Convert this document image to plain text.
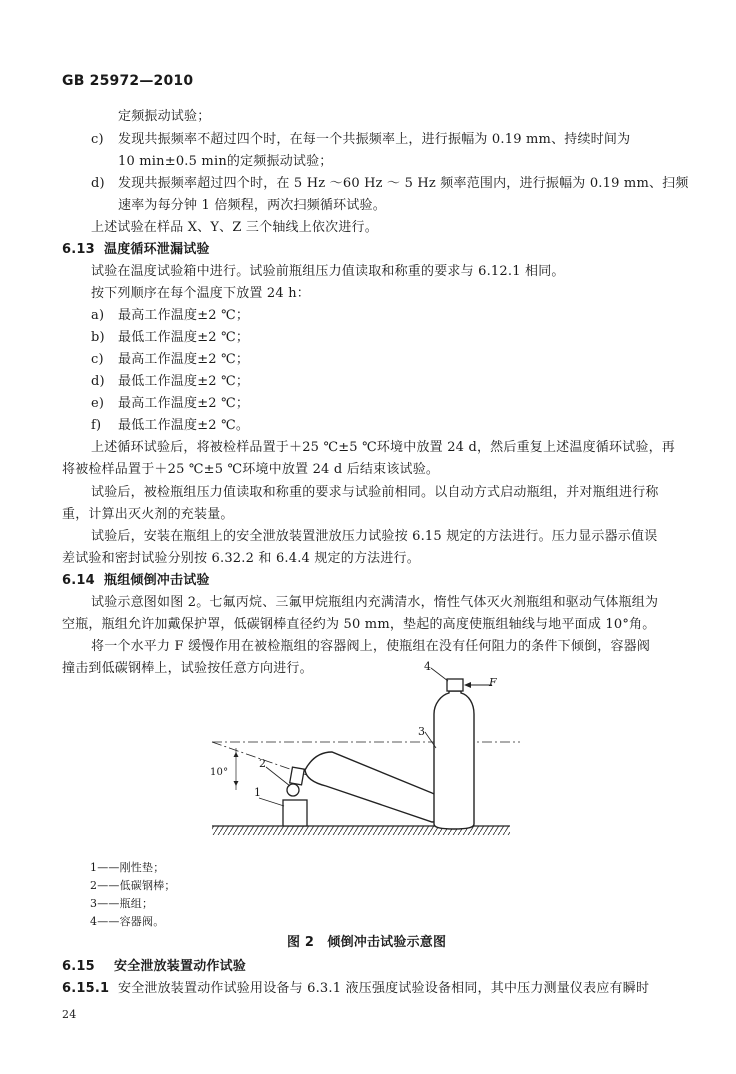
GB 25972—2010
定频振动试验；
c) 发现共振频率不超过四个时，在每一个共振频率上，进行振幅为 0.19 mm、持续时间为
10 min±0.5 min的定频振动试验；
d) 发现共振频率超过四个时，在 5 Hz ～60 Hz ～ 5 Hz 频率范围内，进行振幅为 0.19 mm、扫频
速率为每分钟 1 倍频程，两次扫频循环试验。
上述试验在样品 X、Y、Z 三个轴线上依次进行。
6.13 温度循环泄漏试验
试验在温度试验箱中进行。试验前瓶组压力值读取和称重的要求与 6.12.1 相同。
按下列顺序在每个温度下放置 24 h：
a) 最高工作温度±2 ℃；
b) 最低工作温度±2 ℃；
c) 最高工作温度±2 ℃；
d) 最低工作温度±2 ℃；
e) 最高工作温度±2 ℃；
f) 最低工作温度±2 ℃。
上述循环试验后，将被检样品置于＋25 ℃±5 ℃环境中放置 24 d，然后重复上述温度循环试验，再
将被检样品置于＋25 ℃±5 ℃环境中放置 24 d 后结束该试验。
试验后，被检瓶组压力值读取和称重的要求与试验前相同。以自动方式启动瓶组，并对瓶组进行称
重，计算出灭火剂的充装量。
试验后，安装在瓶组上的安全泄放装置泄放压力试验按 6.15 规定的方法进行。压力显示器示值误
差试验和密封试验分别按 6.32.2 和 6.4.4 规定的方法进行。
6.14 瓶组倾倒冲击试验
试验示意图如图 2。七氟丙烷、三氟甲烷瓶组内充满清水，惰性气体灭火剂瓶组和驱动气体瓶组为
空瓶，瓶组允许加戴保护罩，低碳钢棒直径约为 50 mm，垫起的高度使瓶组轴线与地平面成 10°角。
将一个水平力 F 缓慢作用在被检瓶组的容器阀上，使瓶组在没有任何阻力的条件下倾倒，容器阀
撞击到低碳钢棒上，试验按任意方向进行。
1
2
3
4
F
10°
1——刚性垫；
2——低碳钢棒；
3——瓶组；
4——容器阀。
图 2　倾倒冲击试验示意图
6.15 安全泄放装置动作试验
6.15.1 安全泄放装置动作试验用设备与 6.3.1 液压强度试验设备相同，其中压力测量仪表应有瞬时
24
